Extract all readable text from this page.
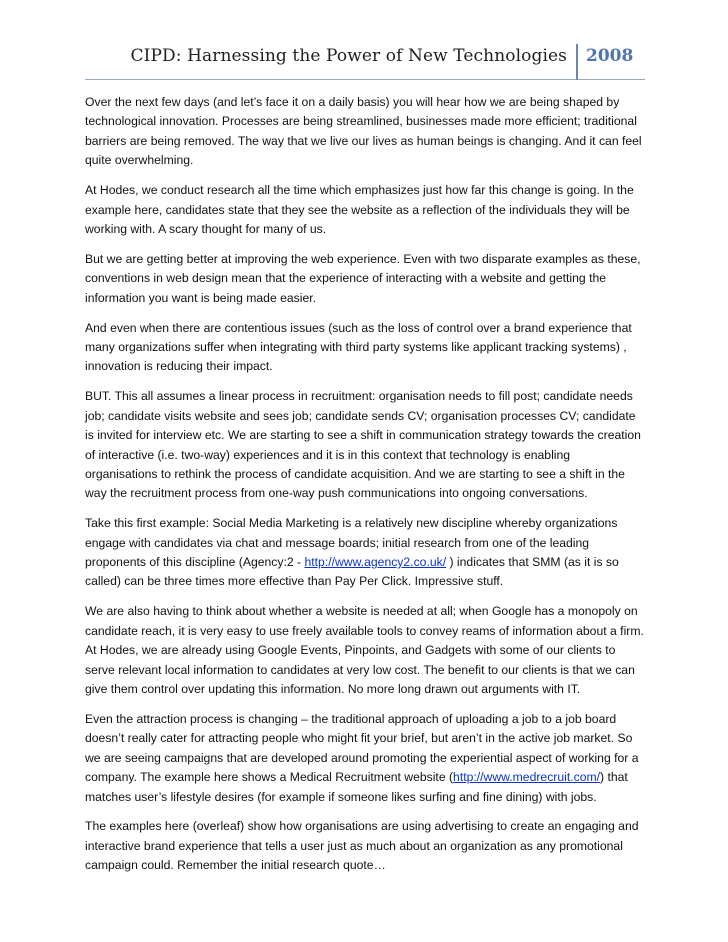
CIPD: Harnessing the Power of New Technologies 2008

Over the next few days (and let’s face it on a daily basis) you will hear how we are being shaped by technological innovation. Processes are being streamlined, businesses made more efficient; traditional barriers are being removed. The way that we live our lives as human beings is changing. And it can feel quite overwhelming.

At Hodes, we conduct research all the time which emphasizes just how far this change is going. In the example here, candidates state that they see the website as a reflection of the individuals they will be working with. A scary thought for many of us.

But we are getting better at improving the web experience. Even with two disparate examples as these, conventions in web design mean that the experience of interacting with a website and getting the information you want is being made easier.

And even when there are contentious issues (such as the loss of control over a brand experience that many organizations suffer when integrating with third party systems like applicant tracking systems) , innovation is reducing their impact.

BUT. This all assumes a linear process in recruitment: organisation needs to fill post; candidate needs job; candidate visits website and sees job; candidate sends CV; organisation processes CV; candidate is invited for interview etc. We are starting to see a shift in communication strategy towards the creation of interactive (i.e. two-way) experiences and it is in this context that technology is enabling organisations to rethink the process of candidate acquisition. And we are starting to see a shift in the way the recruitment process from one-way push communications into ongoing conversations.

Take this first example: Social Media Marketing is a relatively new discipline whereby organizations engage with candidates via chat and message boards; initial research from one of the leading proponents of this discipline (Agency:2 - http://www.agency2.co.uk/ ) indicates that SMM (as it is so called) can be three times more effective than Pay Per Click. Impressive stuff.

We are also having to think about whether a website is needed at all; when Google has a monopoly on candidate reach, it is very easy to use freely available tools to convey reams of information about a firm. At Hodes, we are already using Google Events, Pinpoints, and Gadgets with some of our clients to serve relevant local information to candidates at very low cost. The benefit to our clients is that we can give them control over updating this information. No more long drawn out arguments with IT.

Even the attraction process is changing – the traditional approach of uploading a job to a job board doesn’t really cater for attracting people who might fit your brief, but aren’t in the active job market. So we are seeing campaigns that are developed around promoting the experiential aspect of working for a company. The example here shows a Medical Recruitment website (http://www.medrecruit.com/) that matches user’s lifestyle desires (for example if someone likes surfing and fine dining) with jobs.

The examples here (overleaf) show how organisations are using advertising to create an engaging and interactive brand experience that tells a user just as much about an organization as any promotional campaign could. Remember the initial research quote…
